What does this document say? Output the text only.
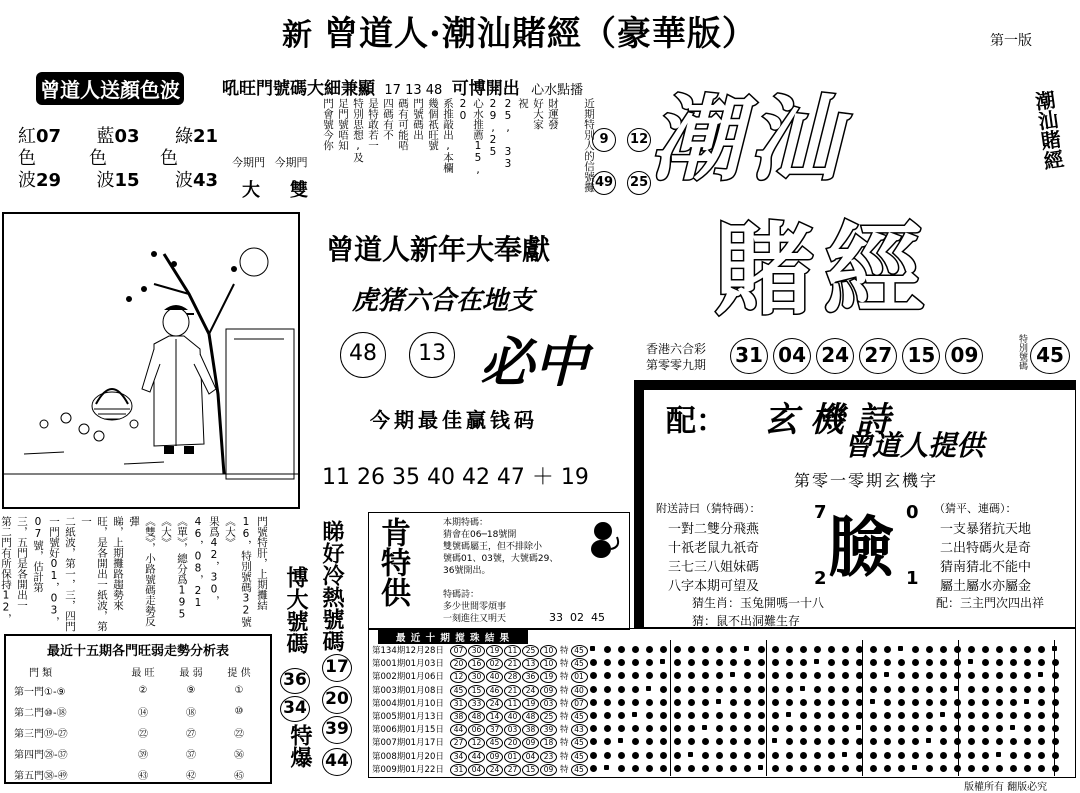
新 曾道人·潮汕賭經（豪華版）	第一版
曾道人送顏色波
紅07 藍03 綠21
色	色	色
波29 波15 波43
吼旺門號碼大細兼顯 17 13 48 可博開出 心水點播
財運發
好大家
祝
25, 33
29,25
心水推薦15, 20
系推敲出,本欄
幾個祇旺號
門號碼出
碼有可能唔
四碼有不
是特敢若一
特別思想,及
足門號唔知
門會號今你	近期特別人的信號攤
今期門 今期門
大 雙
9 12

49 25 潮汕
賭經
潮汕賭經
曾道人新年大奉獻
虎猪六合在地支
48 13 必中
今期最佳贏钱码
11 26 35 40 42 47 ＋ 19
香港六合彩
第零零九期 31 04 24 27 15 09	特別號碼 45
配： 玄機詩
曾道人提供
第零一零期玄機字
附送詩曰（猜特碼）：	（猜平、連碼）：
一對二雙分飛燕
十祇老鼠九祇奇
三七三八姐妹碼
八字本期可望及
一支暴猪抗天地
二出特碼火是奇
猜南猜北不能中
屬土屬水亦屬金
7	0
臉
2	1
猜生肖：玉兔開嗎一十八
猜：鼠不出洞難生存
配：三主門次四出祥
門號特肝，上期攤結
16，特別號碼32號《大》
果爲42，30，46，08，21
《單》，總分爲195《大》
《雙》，小路號碼走勢反彈
睇，上期攤路趨勢來
旺，是各開出一紙波，第一
二紙波，第一，三，四門
一門號好01，03，07號，估計第
三，五門是各開出一
第二門有所保持12，	睇好冷熱號碼
博大號碼
36
34
特爆
17
20
39
44
最近十五期各門旺弱走勢分析表
門 類	最 旺	最 弱	提 供
第一門①-⑨	②	⑨	①
第二門⑩-⑱	⑭	⑱	⑩
第三門⑲-㉗	㉒	㉗	㉒
第四門㉘-㊲	㊴	㊲	㊱
第五門㊳-㊾	㊸	㊷	㊺
肯特供	本期特碼：
猜會在06─18號開
雙號碼屬王，但不排除小
號碼01、03號，大號碼29、
36號開出。
特碼詩：
多少世間零煩事
一刻進往又明天	33  02  45
最 近 十 期 搅 珠 結 果
第134期12月28日 07 30 19 11 25 10 特 45
第001期01月03日 20 16 02 21 13 10 特 45
第002期01月06日 12 30 40 28 36 19 特 01
第003期01月08日 45 15 46 21 24 09 特 40
第004期01月10日 31 33 24 11 19 03 特 07
第005期01月13日 38 48 14 40 48 25 特 45
第006期01月15日 44 06 37 03 38 39 特 43
第007期01月17日 27 12 45 20 09 18 特 45
第008期01月20日 34 44 09 01 04 23 特 45
第009期01月22日 31 04 24 27 15 09 特 45
版權所有 翻版必究
